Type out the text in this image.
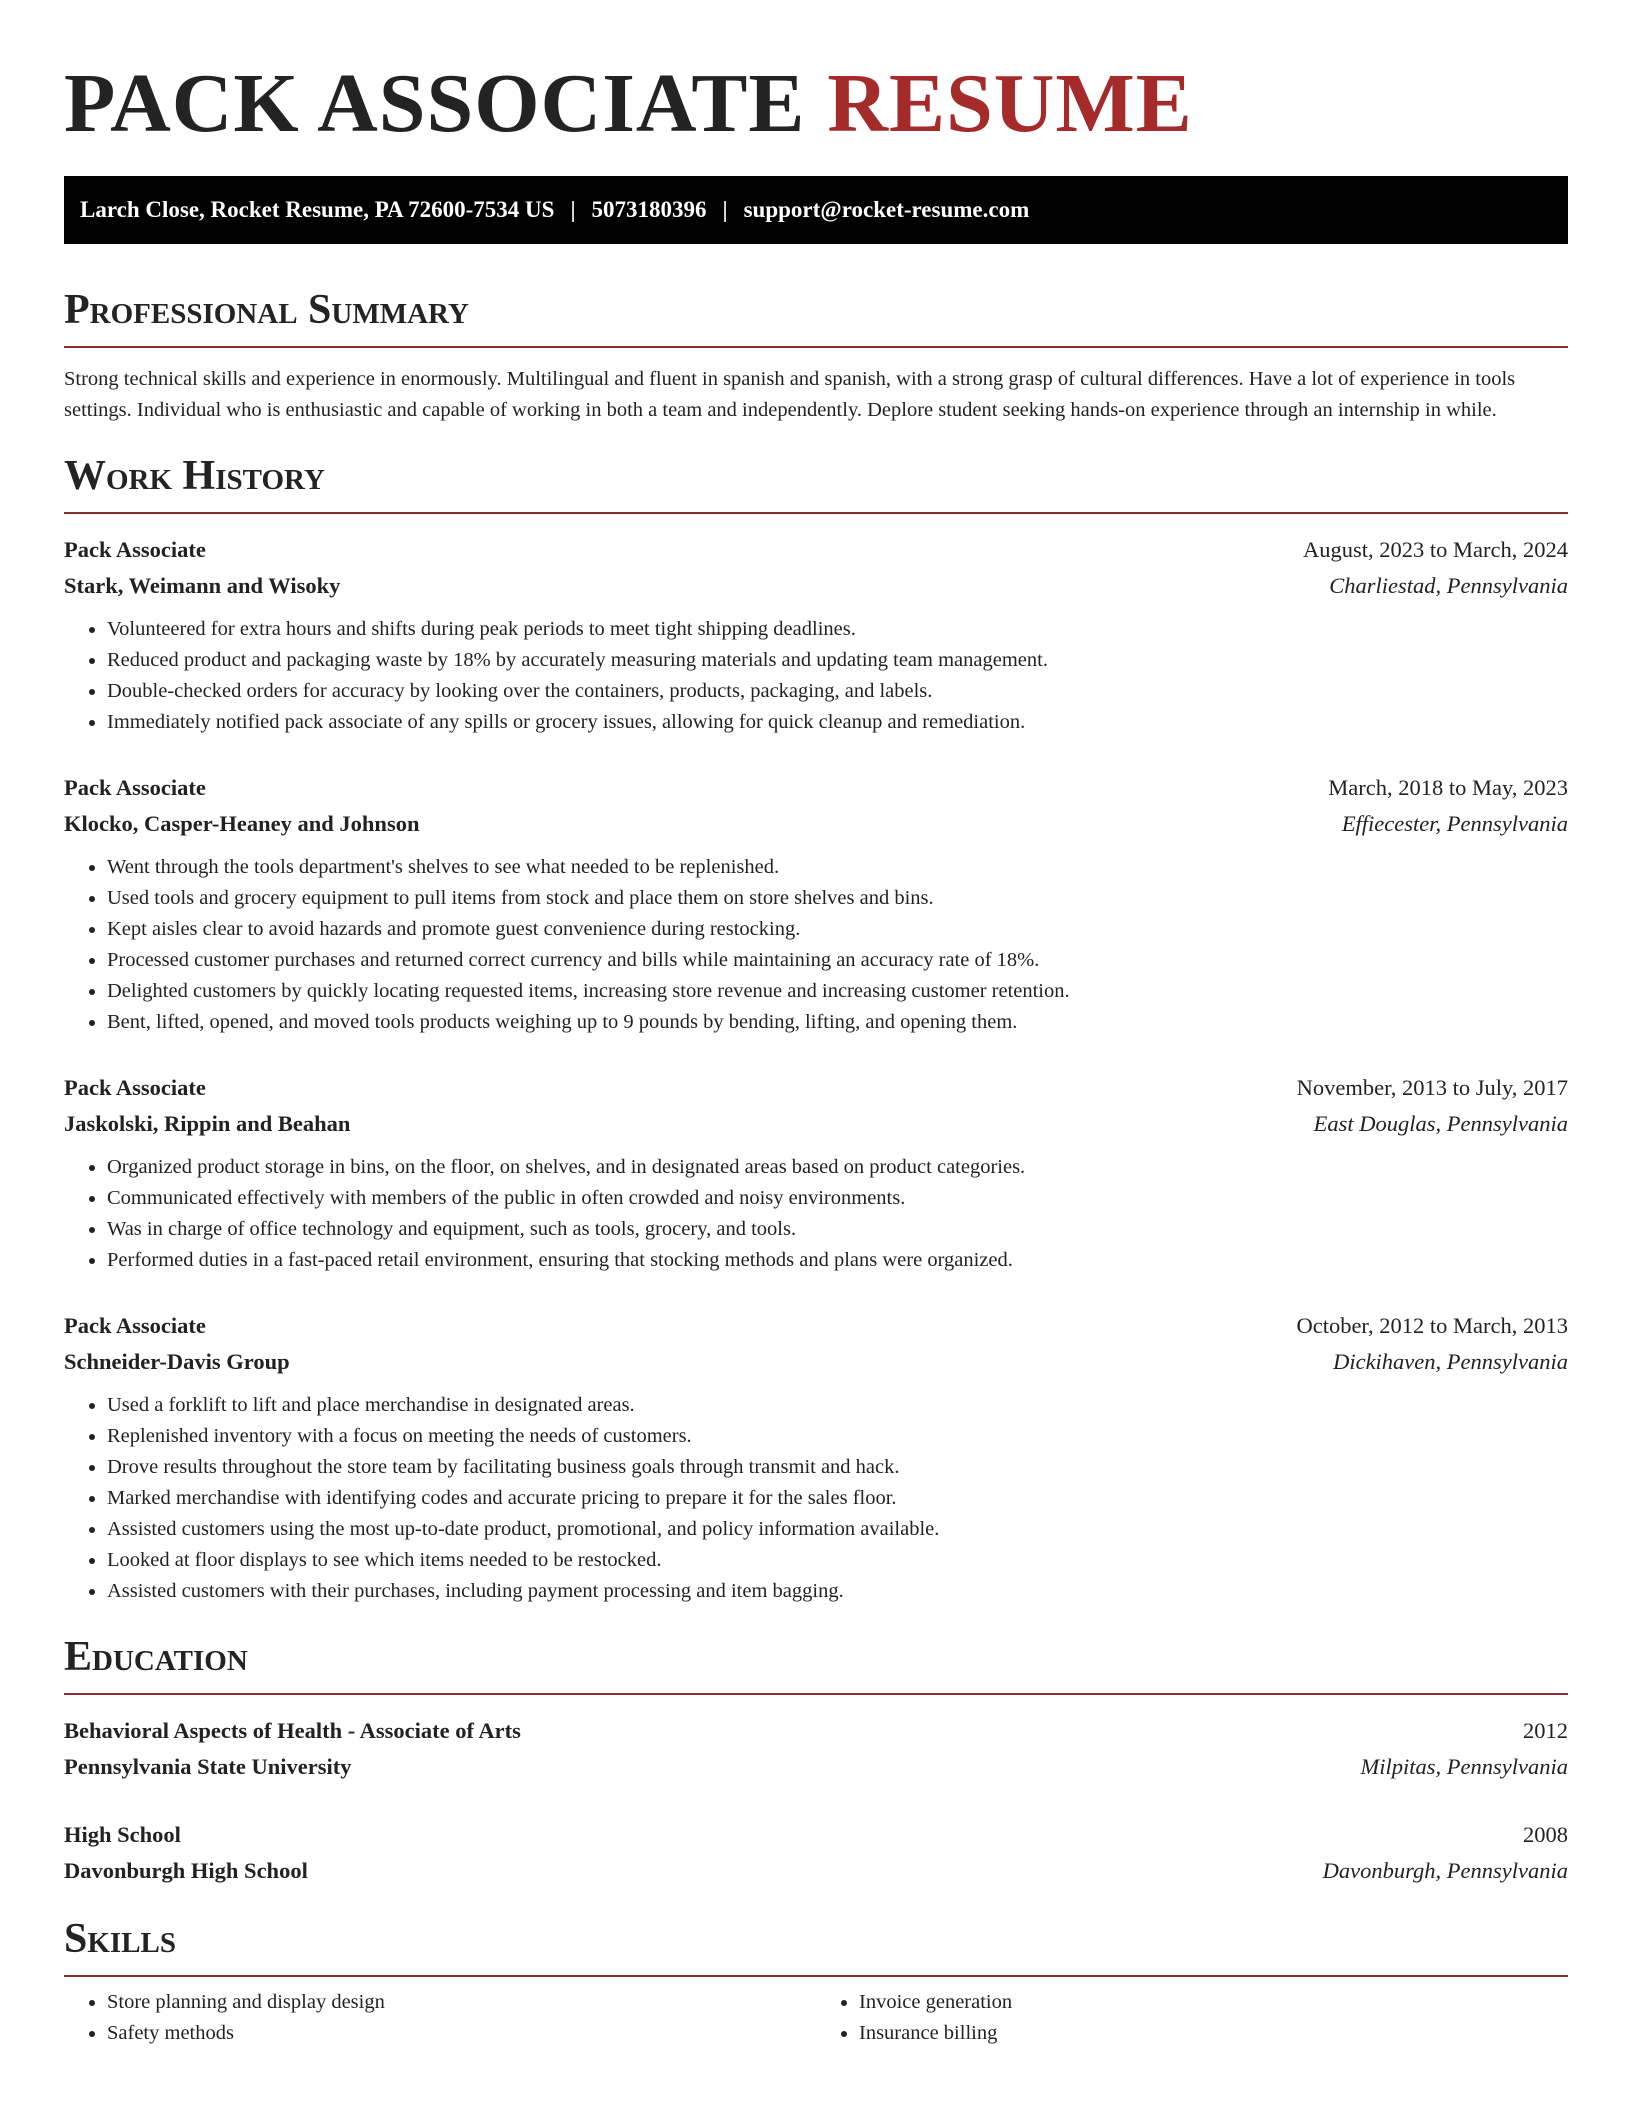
PACK ASSOCIATE RESUME
Larch Close, Rocket Resume, PA 72600-7534 US | 5073180396 | support@rocket-resume.com
Professional Summary

Strong technical skills and experience in enormously. Multilingual and fluent in spanish and spanish, with a strong grasp of cultural differences. Have a lot of experience in tools settings. Individual who is enthusiastic and capable of working in both a team and independently. Deplore student seeking hands-on experience through an internship in while.

Work History
Pack Associate	August, 2023 to March, 2024
Stark, Weimann and Wisoky	Charliestad, Pennsylvania
• Volunteered for extra hours and shifts during peak periods to meet tight shipping deadlines.
• Reduced product and packaging waste by 18% by accurately measuring materials and updating team management.
• Double-checked orders for accuracy by looking over the containers, products, packaging, and labels.
• Immediately notified pack associate of any spills or grocery issues, allowing for quick cleanup and remediation.
Pack Associate	March, 2018 to May, 2023
Klocko, Casper-Heaney and Johnson	Effiecester, Pennsylvania
• Went through the tools department's shelves to see what needed to be replenished.
• Used tools and grocery equipment to pull items from stock and place them on store shelves and bins.
• Kept aisles clear to avoid hazards and promote guest convenience during restocking.
• Processed customer purchases and returned correct currency and bills while maintaining an accuracy rate of 18%.
• Delighted customers by quickly locating requested items, increasing store revenue and increasing customer retention.
• Bent, lifted, opened, and moved tools products weighing up to 9 pounds by bending, lifting, and opening them.
Pack Associate	November, 2013 to July, 2017
Jaskolski, Rippin and Beahan	East Douglas, Pennsylvania
• Organized product storage in bins, on the floor, on shelves, and in designated areas based on product categories.
• Communicated effectively with members of the public in often crowded and noisy environments.
• Was in charge of office technology and equipment, such as tools, grocery, and tools.
• Performed duties in a fast-paced retail environment, ensuring that stocking methods and plans were organized.
Pack Associate	October, 2012 to March, 2013
Schneider-Davis Group	Dickihaven, Pennsylvania
• Used a forklift to lift and place merchandise in designated areas.
• Replenished inventory with a focus on meeting the needs of customers.
• Drove results throughout the store team by facilitating business goals through transmit and hack.
• Marked merchandise with identifying codes and accurate pricing to prepare it for the sales floor.
• Assisted customers using the most up-to-date product, promotional, and policy information available.
• Looked at floor displays to see which items needed to be restocked.
• Assisted customers with their purchases, including payment processing and item bagging.
Education
Behavioral Aspects of Health - Associate of Arts	2012
Pennsylvania State University	Milpitas, Pennsylvania
High School	2008
Davonburgh High School	Davonburgh, Pennsylvania
Skills
• Store planning and display design
• Safety methods
• Invoice generation
• Insurance billing
